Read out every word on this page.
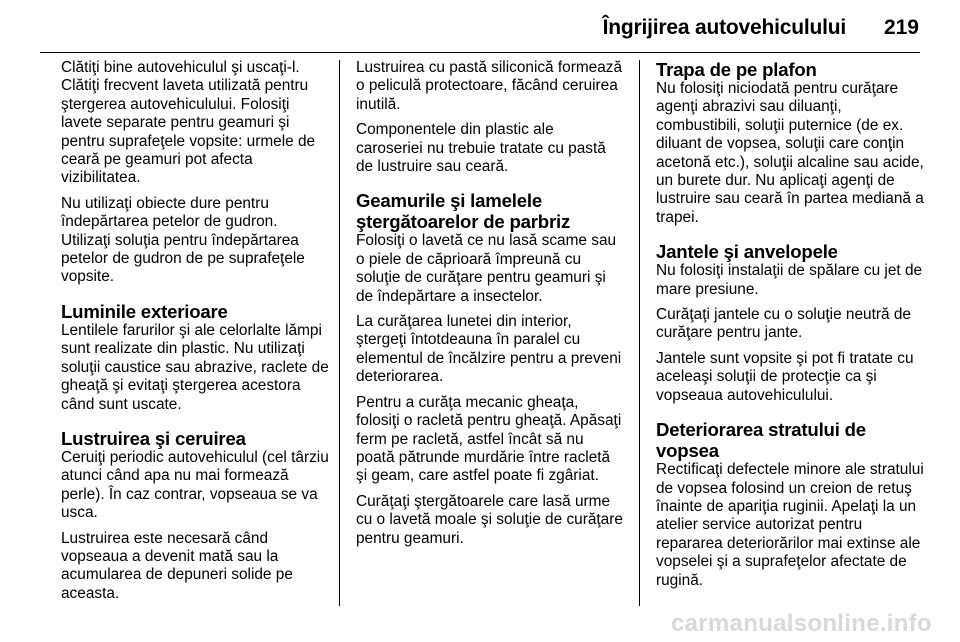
Îngrijirea autovehiculului 219

Clătiţi bine autovehiculul şi uscaţi-l. Clătiţi frecvent laveta utilizată pentru ştergerea autovehiculului. Folosiţi lavete separate pentru geamuri şi pentru suprafeţele vopsite: urmele de ceară pe geamuri pot afecta vizibilitatea.

Nu utilizaţi obiecte dure pentru îndepărtarea petelor de gudron. Utilizaţi soluţia pentru îndepărtarea petelor de gudron de pe suprafeţele vopsite.

Luminile exterioare

Lentilele farurilor şi ale celorlalte lămpi sunt realizate din plastic. Nu utilizaţi soluţii caustice sau abrazive, raclete de gheaţă şi evitaţi ştergerea acestora când sunt uscate.

Lustruirea şi ceruirea

Ceruiţi periodic autovehiculul (cel târziu atunci când apa nu mai formează perle). În caz contrar, vopseaua se va usca.

Lustruirea este necesară când vopseaua a devenit mată sau la acumularea de depuneri solide pe aceasta.

Lustruirea cu pastă siliconică formează o peliculă protectoare, făcând ceruirea inutilă.

Componentele din plastic ale caroseriei nu trebuie tratate cu pastă de lustruire sau ceară.

Geamurile şi lamelele ştergătoarelor de parbriz

Folosiţi o lavetă ce nu lasă scame sau o piele de căprioară împreună cu soluţie de curăţare pentru geamuri şi de îndepărtare a insectelor.

La curăţarea lunetei din interior, ştergeţi întotdeauna în paralel cu elementul de încălzire pentru a preveni deteriorarea.

Pentru a curăţa mecanic gheaţa, folosiţi o racletă pentru gheaţă. Apăsaţi ferm pe racletă, astfel încât să nu poată pătrunde murdărie între racletă şi geam, care astfel poate fi zgâriat.

Curăţaţi ştergătoarele care lasă urme cu o lavetă moale şi soluţie de curăţare pentru geamuri.

Trapa de pe plafon

Nu folosiţi niciodată pentru curăţare agenţi abrazivi sau diluanţi, combustibili, soluţii puternice (de ex. diluant de vopsea, soluţii care conţin acetonă etc.), soluţii alcaline sau acide, un burete dur. Nu aplicaţi agenţi de lustruire sau ceară în partea mediană a trapei.

Jantele şi anvelopele

Nu folosiţi instalaţii de spălare cu jet de mare presiune.

Curăţaţi jantele cu o soluţie neutră de curăţare pentru jante.

Jantele sunt vopsite şi pot fi tratate cu aceleaşi soluţii de protecţie ca şi vopseaua autovehiculului.

Deteriorarea stratului de vopsea

Rectificaţi defectele minore ale stratului de vopsea folosind un creion de retuş înainte de apariţia ruginii. Apelaţi la un atelier service autorizat pentru repararea deteriorărilor mai extinse ale vopselei şi a suprafeţelor afectate de rugină.

carmanualsonline.info
